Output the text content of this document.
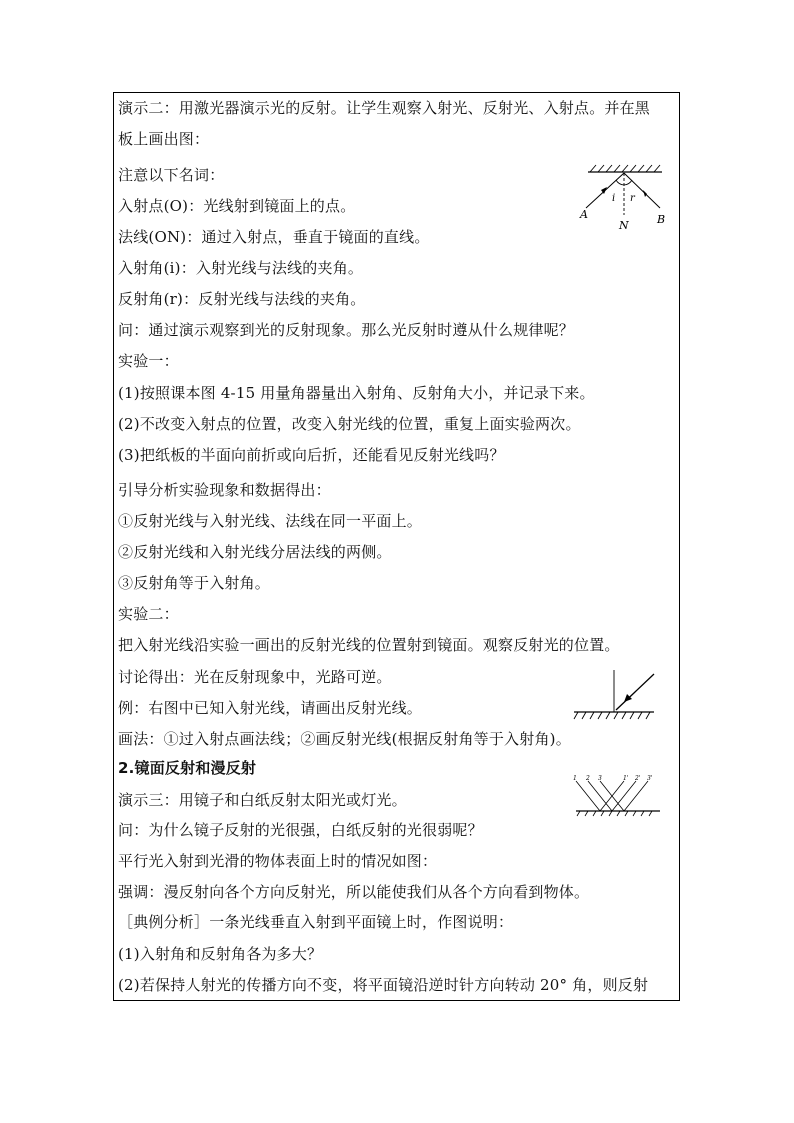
演示二：用激光器演示光的反射。让学生观察入射光、反射光、入射点。并在黑
板上画出图：
注意以下名词：
入射点(O)：光线射到镜面上的点。
法线(ON)：通过入射点，垂直于镜面的直线。
入射角(i)：入射光线与法线的夹角。
反射角(r)：反射光线与法线的夹角。
问：通过演示观察到光的反射现象。那么光反射时遵从什么规律呢？
实验一：
(1)按照课本图 4-15 用量角器量出入射角、反射角大小，并记录下来。
(2)不改变入射点的位置，改变入射光线的位置，重复上面实验两次。
(3)把纸板的半面向前折或向后折，还能看见反射光线吗？
引导分析实验现象和数据得出：
①反射光线与入射光线、法线在同一平面上。
②反射光线和入射光线分居法线的两侧。
③反射角等于入射角。
实验二：
把入射光线沿实验一画出的反射光线的位置射到镜面。观察反射光的位置。
讨论得出：光在反射现象中，光路可逆。
例：右图中已知入射光线，请画出反射光线。
画法：①过入射点画法线；②画反射光线(根据反射角等于入射角)。
2.镜面反射和漫反射
演示三：用镜子和白纸反射太阳光或灯光。
问：为什么镜子反射的光很强，白纸反射的光很弱呢？
平行光入射到光滑的物体表面上时的情况如图：
强调：漫反射向各个方向反射光，所以能使我们从各个方向看到物体。
［典例分析］一条光线垂直入射到平面镜上时，作图说明：
(1)入射角和反射角各为多大？
(2)若保持人射光的传播方向不变，将平面镜沿逆时针方向转动 20° 角，则反射
A	B
N
i r
1 2 3	1' 2' 3'
